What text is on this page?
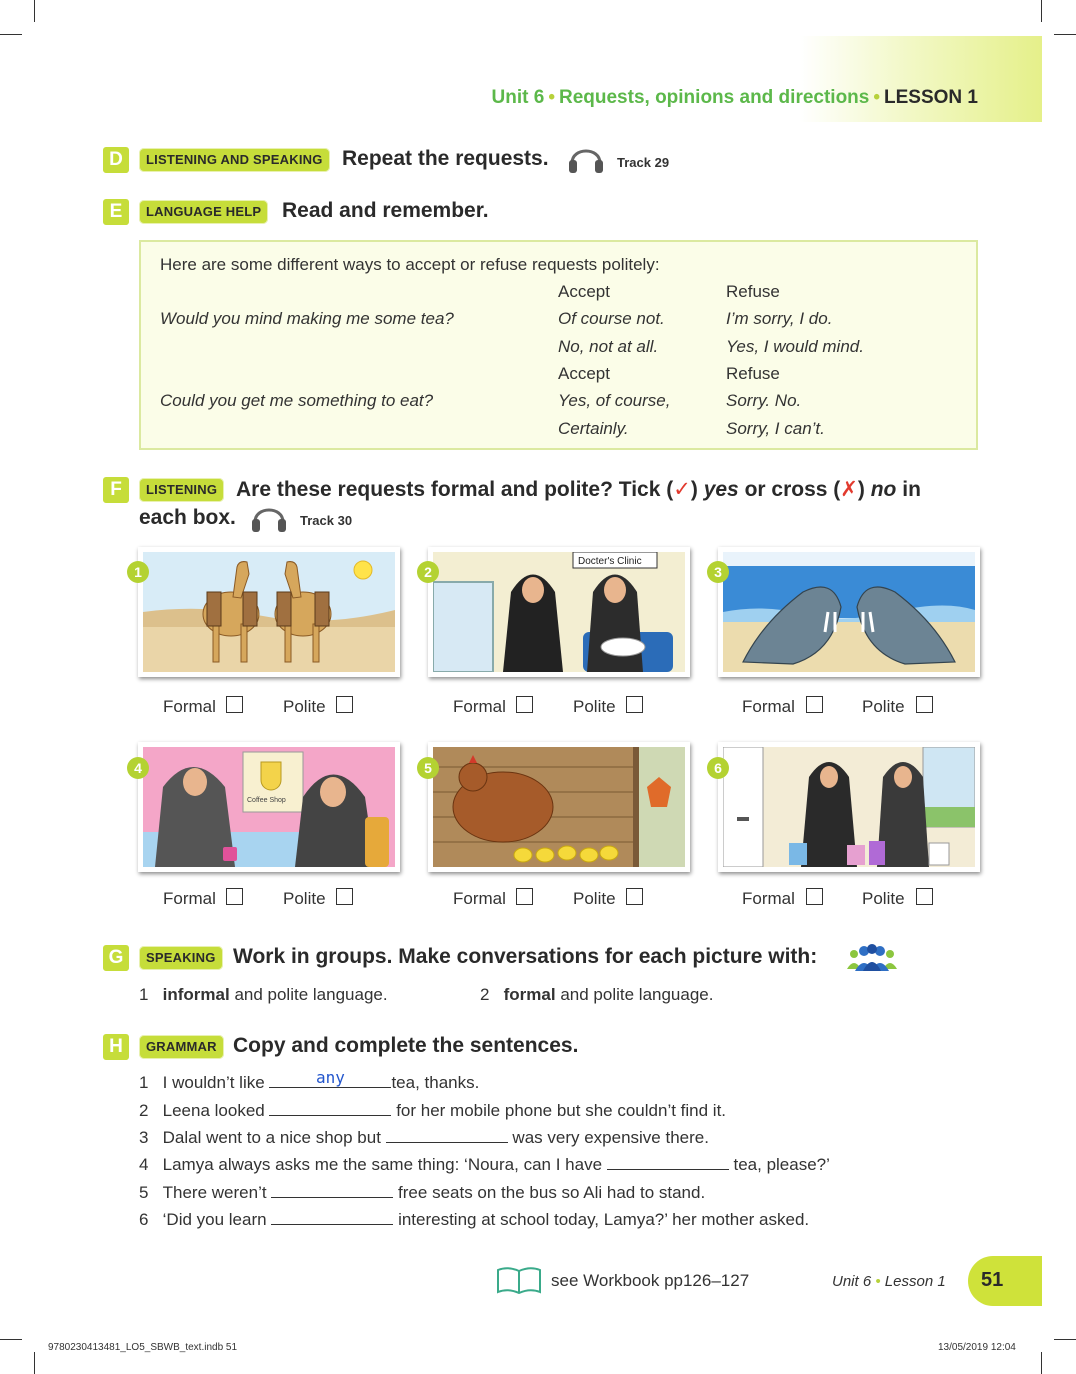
Unit 6 • Requests, opinions and directions • LESSON 1
D	LISTENING AND SPEAKING Repeat the requests.	Track 29
E	LANGUAGE HELP Read and remember.
Here are some different ways to accept or refuse requests politely:
Accept	Refuse
Would you mind making me some tea?	Of course not.	I’m sorry, I do.
No, not at all.	Yes, I would mind.
Accept	Refuse
Could you get me something to eat?	Yes, of course,	Sorry. No.
Certainly.	Sorry, I can’t.
F	LISTENING Are these requests formal and polite? Tick (✓) yes or cross (✗) no in
each box.	Track 30
1
Docter's Clinic
2	3
Coffee Shop
4	5	6
Formal	Polite	Formal	Polite	Formal	Polite
Formal	Polite	Formal	Polite	Formal	Polite
G	SPEAKING Work in groups. Make conversations for each picture with:
1 informal and polite language.	2 formal and polite language.
H	GRAMMAR Copy and complete the sentences.
1 I wouldn’t like	any	tea, thanks.
2 Leena looked	for her mobile phone but she couldn’t find it.
3 Dalal went to a nice shop but	was very expensive there.
4 Lamya always asks me the same thing: ‘Noura, can I have	tea, please?’
5 There weren’t	free seats on the bus so Ali had to stand.
6 ‘Did you learn	interesting at school today, Lamya?’ her mother asked.
see Workbook pp126–127	Unit 6 • Lesson 1 51
9780230413481_LO5_SBWB_text.indb 51	13/05/2019 12:04
